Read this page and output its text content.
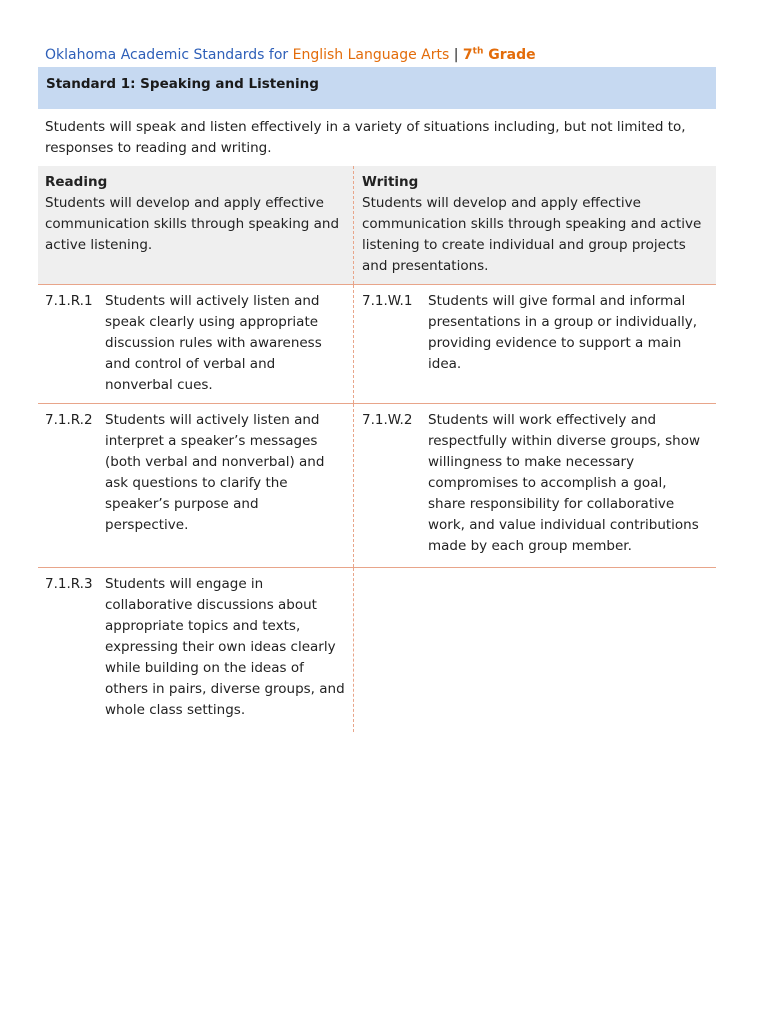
Oklahoma Academic Standards for English Language Arts | 7th Grade
Standard 1: Speaking and Listening
Students will speak and listen effectively in a variety of situations including, but not limited to, responses to reading and writing.
Reading
Students will develop and apply effective communication skills through speaking and active listening.
Writing
Students will develop and apply effective communication skills through speaking and active listening to create individual and group projects and presentations.
7.1.R.1 Students will actively listen and speak clearly using appropriate discussion rules with awareness and control of verbal and nonverbal cues.
7.1.W.1	Students will give formal and informal presentations in a group or individually, providing evidence to support a main idea.
7.1.R.2 Students will actively listen and interpret a speaker’s messages (both verbal and nonverbal) and ask questions to clarify the speaker’s purpose and perspective.
7.1.W.2	Students will work effectively and respectfully within diverse groups, show willingness to make necessary compromises to accomplish a goal, share responsibility for collaborative work, and value individual contributions made by each group member.
7.1.R.3 Students will engage in collaborative discussions about appropriate topics and texts, expressing their own ideas clearly while building on the ideas of others in pairs, diverse groups, and whole class settings.
